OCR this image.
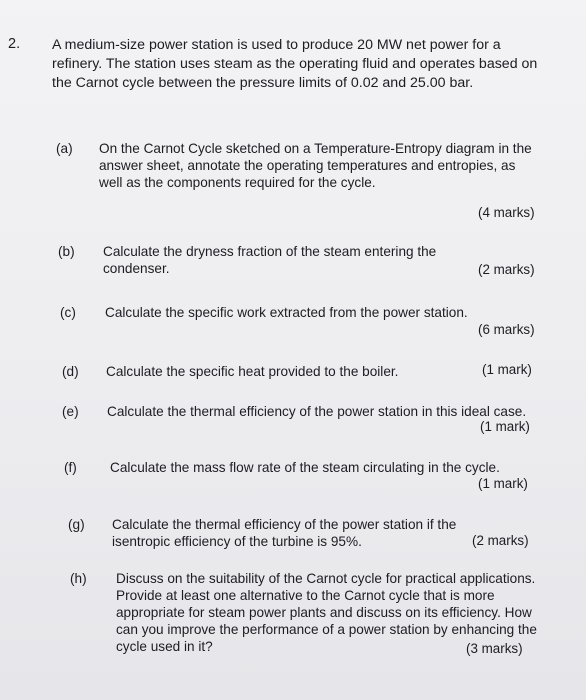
2. A medium-size power station is used to produce 20 MW net power for a refinery. The station uses steam as the operating fluid and operates based on the Carnot cycle between the pressure limits of 0.02 and 25.00 bar.
(a) On the Carnot Cycle sketched on a Temperature-Entropy diagram in the answer sheet, annotate the operating temperatures and entropies, as well as the components required for the cycle.
(4 marks)
(b) Calculate the dryness fraction of the steam entering the condenser.	(2 marks)
(c) Calculate the specific work extracted from the power station.
(6 marks)
(d) Calculate the specific heat provided to the boiler.	(1 mark)
(e) Calculate the thermal efficiency of the power station in this ideal case.
(1 mark)
(f) Calculate the mass flow rate of the steam circulating in the cycle.
(1 mark)
(g) Calculate the thermal efficiency of the power station if the isentropic efficiency of the turbine is 95%.	(2 marks)
(h) Discuss on the suitability of the Carnot cycle for practical applications. Provide at least one alternative to the Carnot cycle that is more appropriate for steam power plants and discuss on its efficiency. How can you improve the performance of a power station by enhancing the cycle used in it?	(3 marks)
